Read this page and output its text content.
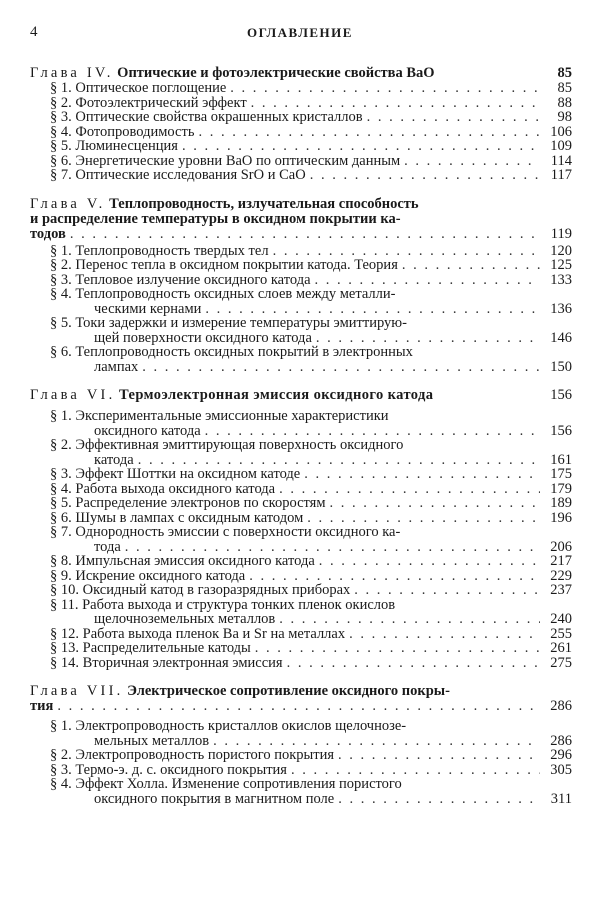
4	ОГЛАВЛЕНИЕ
Глава IV. Оптические и фотоэлектрические свойства BaO	85
§ 1. Оптическое поглощение . . .	85
§ 2. Фотоэлектрический эффект . . .	88
§ 3. Оптические свойства окрашенных кристаллов . . .	98
§ 4. Фотопроводимость . . .	106
§ 5. Люминесценция . . .	109
§ 6. Энергетические уровни BaO по оптическим данным . . .	114
§ 7. Оптические исследования SrO и CaO . . .	117
Глава V. Теплопроводность, излучательная способность
и распределение температуры в оксидном покрытии ка-
тодов . . .	119
§ 1. Теплопроводность твердых тел . . .	120
§ 2. Перенос тепла в оксидном покрытии катода. Теория . . .	125
§ 3. Тепловое излучение оксидного катода . . .	133
§ 4. Теплопроводность оксидных слоев между металли-
ческими кернами . . .	136
§ 5. Токи задержки и измерение температуры эмиттирую-
щей поверхности оксидного катода . . .	146
§ 6. Теплопроводность оксидных покрытий в электронных
лампах . . .	150
Глава VI. Термоэлектронная эмиссия оксидного катода	156
§ 1. Экспериментальные эмиссионные характеристики
оксидного катода . . .	156
§ 2. Эффективная эмиттирующая поверхность оксидного
катода . . .	161
§ 3. Эффект Шоттки на оксидном катоде . . .	175
§ 4. Работа выхода оксидного катода . . .	179
§ 5. Распределение электронов по скоростям . . .	189
§ 6. Шумы в лампах с оксидным катодом . . .	196
§ 7. Однородность эмиссии с поверхности оксидного ка-
тода . . .	206
§ 8. Импульсная эмиссия оксидного катода . . .	217
§ 9. Искрение оксидного катода . . .	229
§ 10. Оксидный катод в газоразрядных приборах . . .	237
§ 11. Работа выхода и структура тонких пленок окислов
щелочноземельных металлов . . .	240
§ 12. Работа выхода пленок Ba и Sr на металлах . . .	255
§ 13. Распределительные катоды . . .	261
§ 14. Вторичная электронная эмиссия . . .	275
Глава VII. Электрическое сопротивление оксидного покры-
тия . . .	286
§ 1. Электропроводность кристаллов окислов щелочнозе-
мельных металлов . . .	286
§ 2. Электропроводность пористого покрытия . . .	296
§ 3. Термо-э. д. с. оксидного покрытия . . .	305
§ 4. Эффект Холла. Изменение сопротивления пористого
оксидного покрытия в магнитном поле . . .	311
